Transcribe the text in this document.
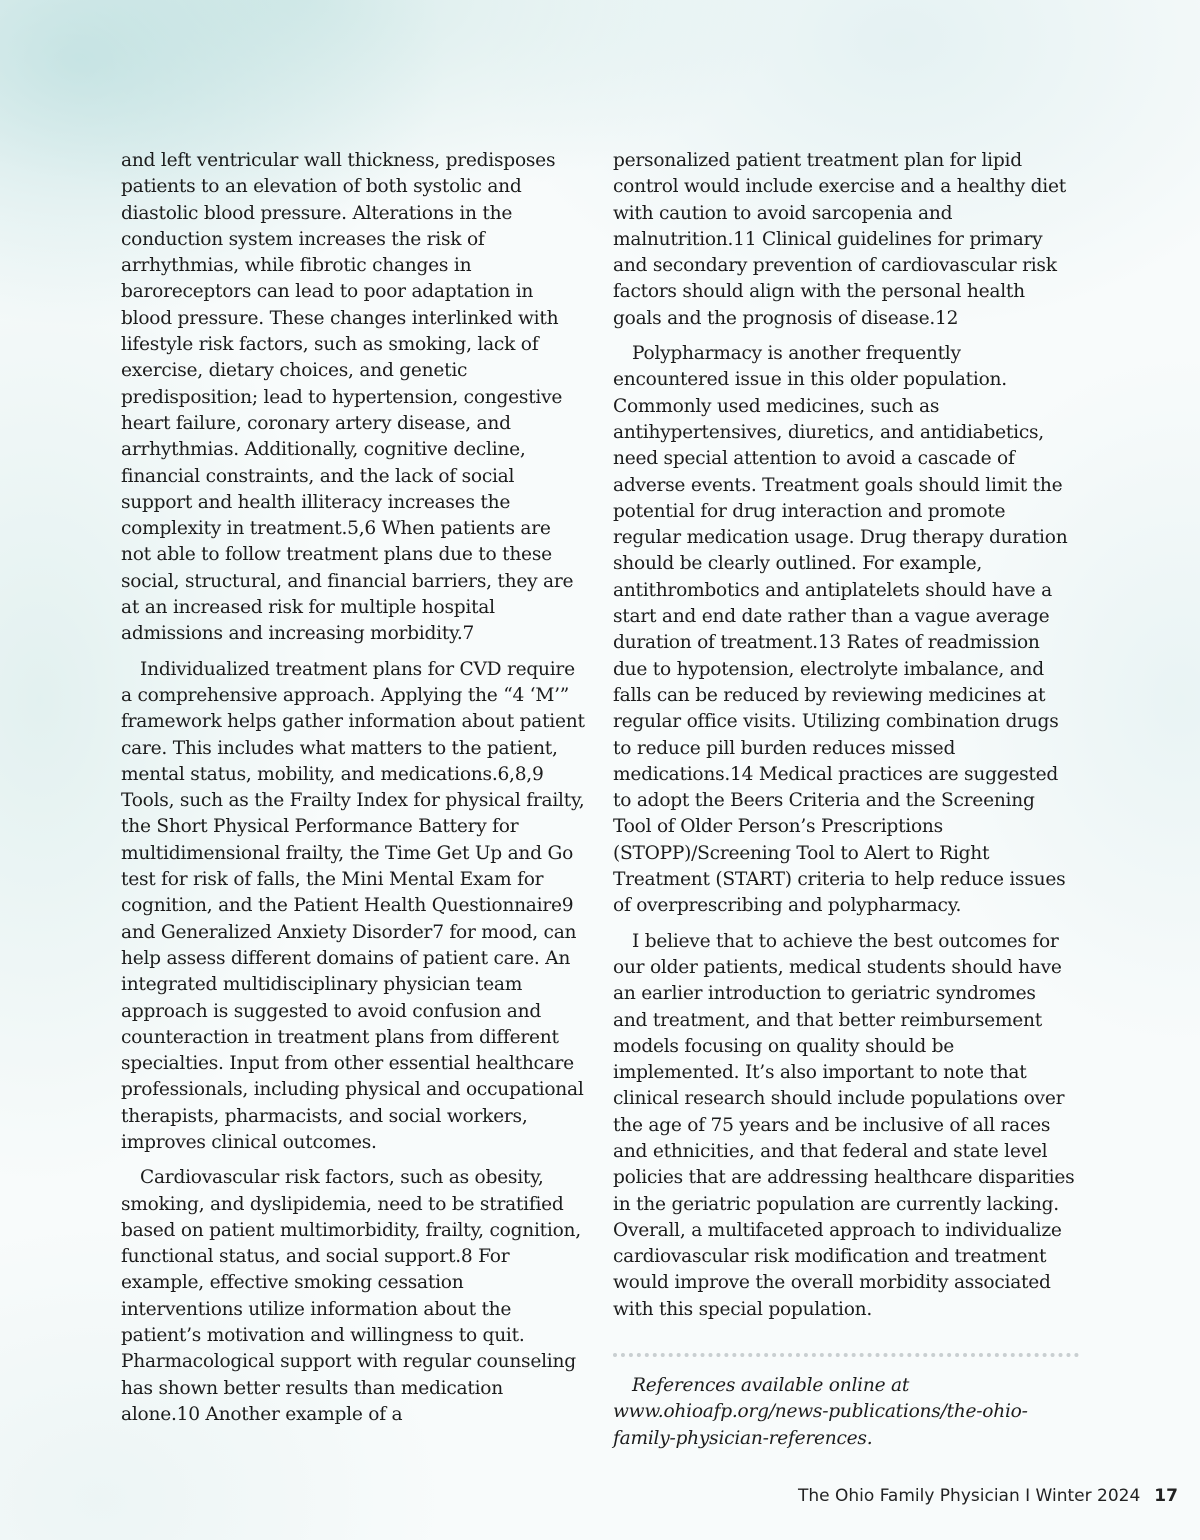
and left ventricular wall thickness, predisposes patients to an elevation of both systolic and diastolic blood pressure. Alterations in the conduction system increases the risk of arrhythmias, while fibrotic changes in baroreceptors can lead to poor adaptation in blood pressure. These changes interlinked with lifestyle risk factors, such as smoking, lack of exercise, dietary choices, and genetic predisposition; lead to hypertension, congestive heart failure, coronary artery disease, and arrhythmias. Additionally, cognitive decline, financial constraints, and the lack of social support and health illiteracy increases the complexity in treatment.5,6 When patients are not able to follow treatment plans due to these social, structural, and financial barriers, they are at an increased risk for multiple hospital admissions and increasing morbidity.7

Individualized treatment plans for CVD require a comprehensive approach. Applying the “4 ‘M’” framework helps gather information about patient care. This includes what matters to the patient, mental status, mobility, and medications.6,8,9 Tools, such as the Frailty Index for physical frailty, the Short Physical Performance Battery for multidimensional frailty, the Time Get Up and Go test for risk of falls, the Mini Mental Exam for cognition, and the Patient Health Questionnaire9 and Generalized Anxiety Disorder7 for mood, can help assess different domains of patient care. An integrated multidisciplinary physician team approach is suggested to avoid confusion and counteraction in treatment plans from different specialties. Input from other essential healthcare professionals, including physical and occupational therapists, pharmacists, and social workers, improves clinical outcomes.

Cardiovascular risk factors, such as obesity, smoking, and dyslipidemia, need to be stratified based on patient multimorbidity, frailty, cognition, functional status, and social support.8 For example, effective smoking cessation interventions utilize information about the patient’s motivation and willingness to quit. Pharmacological support with regular counseling has shown better results than medication alone.10 Another example of a

personalized patient treatment plan for lipid control would include exercise and a healthy diet with caution to avoid sarcopenia and malnutrition.11 Clinical guidelines for primary and secondary prevention of cardiovascular risk factors should align with the personal health goals and the prognosis of disease.12

Polypharmacy is another frequently encountered issue in this older population. Commonly used medicines, such as antihypertensives, diuretics, and antidiabetics, need special attention to avoid a cascade of adverse events. Treatment goals should limit the potential for drug interaction and promote regular medication usage. Drug therapy duration should be clearly outlined. For example, antithrombotics and antiplatelets should have a start and end date rather than a vague average duration of treatment.13 Rates of readmission due to hypotension, electrolyte imbalance, and falls can be reduced by reviewing medicines at regular office visits. Utilizing combination drugs to reduce pill burden reduces missed medications.14 Medical practices are suggested to adopt the Beers Criteria and the Screening Tool of Older Person’s Prescriptions (STOPP)/Screening Tool to Alert to Right Treatment (START) criteria to help reduce issues of overprescribing and polypharmacy.

I believe that to achieve the best outcomes for our older patients, medical students should have an earlier introduction to geriatric syndromes and treatment, and that better reimbursement models focusing on quality should be implemented. It’s also important to note that clinical research should include populations over the age of 75 years and be inclusive of all races and ethnicities, and that federal and state level policies that are addressing healthcare disparities in the geriatric population are currently lacking. Overall, a multifaceted approach to individualize cardiovascular risk modification and treatment would improve the overall morbidity associated with this special population.

References available online at www.ohioafp.org/news-publications/the-ohio-family-physician-references.

The Ohio Family Physician I Winter 2024 17
